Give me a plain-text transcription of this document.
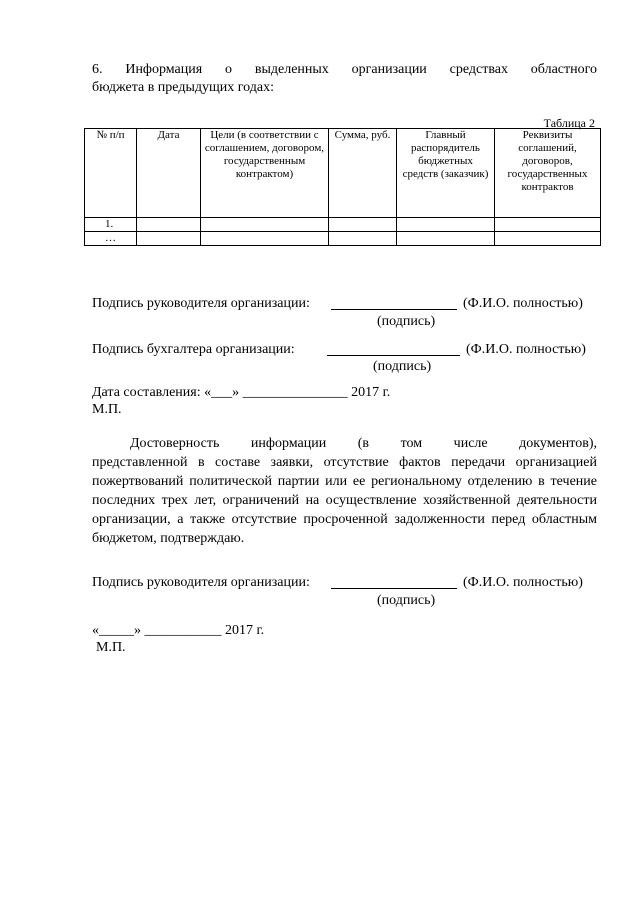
6. Информация о выделенных организации средствах областного
бюджета в предыдущих годах:
Таблица 2
№ п/п	Дата	Цели (в соответствии с соглашением, договором, государственным контрактом)	Сумма, руб.	Главный распорядитель бюджетных средств (заказчик)	Реквизиты соглашений, договоров, государственных контрактов
1.					
…					
Подпись руководителя организации:	(Ф.И.О. полностью)
(подпись)
Подпись бухгалтера организации:	(Ф.И.О. полностью)
(подпись)
Дата составления: «___» _______________ 2017 г.
М.П.
Достоверность информации (в том числе документов),
представленной в составе заявки, отсутствие фактов передачи организацией пожертвований политической партии или ее региональному отделению в течение последних трех лет, ограничений на осуществление хозяйственной деятельности организации, а также отсутствие просроченной задолженности перед областным бюджетом, подтверждаю.
Подпись руководителя организации:	(Ф.И.О. полностью)
(подпись)
«_____» ___________ 2017 г.
М.П.
